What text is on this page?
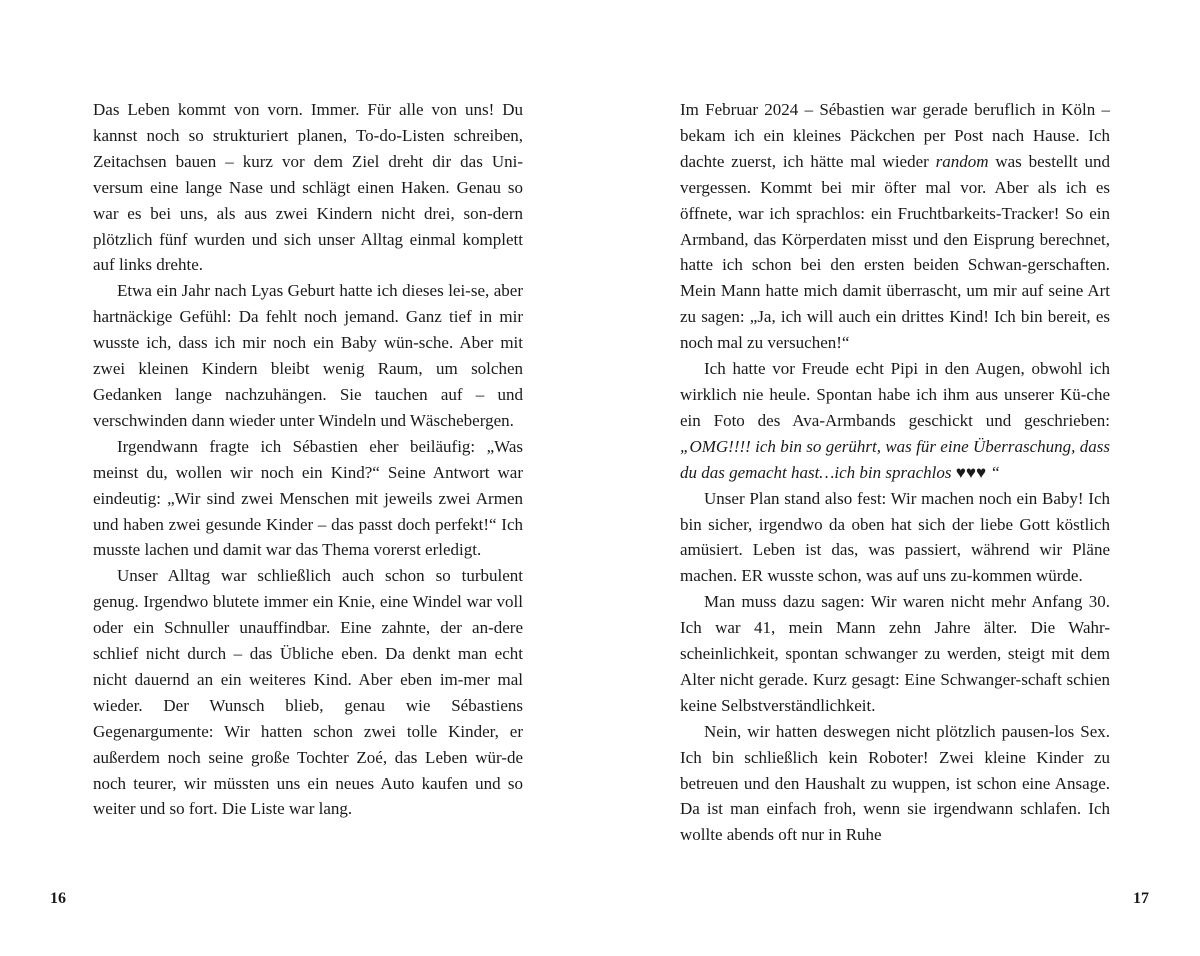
Das Leben kommt von vorn. Immer. Für alle von uns! Du kannst noch so strukturiert planen, To-do-Listen schreiben, Zeitachsen bauen – kurz vor dem Ziel dreht dir das Uni-versum eine lange Nase und schlägt einen Haken. Genau so war es bei uns, als aus zwei Kindern nicht drei, son-dern plötzlich fünf wurden und sich unser Alltag einmal komplett auf links drehte.

Etwa ein Jahr nach Lyas Geburt hatte ich dieses lei-se, aber hartnäckige Gefühl: Da fehlt noch jemand. Ganz tief in mir wusste ich, dass ich mir noch ein Baby wün-sche. Aber mit zwei kleinen Kindern bleibt wenig Raum, um solchen Gedanken lange nachzuhängen. Sie tauchen auf – und verschwinden dann wieder unter Windeln und Wäschebergen.

Irgendwann fragte ich Sébastien eher beiläufig: „Was meinst du, wollen wir noch ein Kind?“ Seine Antwort war eindeutig: „Wir sind zwei Menschen mit jeweils zwei Armen und haben zwei gesunde Kinder – das passt doch perfekt!“ Ich musste lachen und damit war das Thema vorerst erledigt.

Unser Alltag war schließlich auch schon so turbulent genug. Irgendwo blutete immer ein Knie, eine Windel war voll oder ein Schnuller unauffindbar. Eine zahnte, der an-dere schlief nicht durch – das Übliche eben. Da denkt man echt nicht dauernd an ein weiteres Kind. Aber eben im-mer mal wieder. Der Wunsch blieb, genau wie Sébastiens Gegenargumente: Wir hatten schon zwei tolle Kinder, er außerdem noch seine große Tochter Zoé, das Leben wür-de noch teurer, wir müssten uns ein neues Auto kaufen und so weiter und so fort. Die Liste war lang.

16

Im Februar 2024 – Sébastien war gerade beruflich in Köln – bekam ich ein kleines Päckchen per Post nach Hause. Ich dachte zuerst, ich hätte mal wieder random was bestellt und vergessen. Kommt bei mir öfter mal vor. Aber als ich es öffnete, war ich sprachlos: ein Fruchtbarkeits-Tracker! So ein Armband, das Körperdaten misst und den Eisprung berechnet, hatte ich schon bei den ersten beiden Schwan-gerschaften. Mein Mann hatte mich damit überrascht, um mir auf seine Art zu sagen: „Ja, ich will auch ein drittes Kind! Ich bin bereit, es noch mal zu versuchen!“

Ich hatte vor Freude echt Pipi in den Augen, obwohl ich wirklich nie heule. Spontan habe ich ihm aus unserer Kü-che ein Foto des Ava-Armbands geschickt und geschrieben: „OMG!!!! ich bin so gerührt, was für eine Überraschung, dass du das gemacht hast…ich bin sprachlos ♥♥♥ “

Unser Plan stand also fest: Wir machen noch ein Baby! Ich bin sicher, irgendwo da oben hat sich der liebe Gott köstlich amüsiert. Leben ist das, was passiert, während wir Pläne machen. ER wusste schon, was auf uns zu-kommen würde.

Man muss dazu sagen: Wir waren nicht mehr Anfang 30. Ich war 41, mein Mann zehn Jahre älter. Die Wahr-scheinlichkeit, spontan schwanger zu werden, steigt mit dem Alter nicht gerade. Kurz gesagt: Eine Schwanger-schaft schien keine Selbstverständlichkeit.

Nein, wir hatten deswegen nicht plötzlich pausen-los Sex. Ich bin schließlich kein Roboter! Zwei kleine Kinder zu betreuen und den Haushalt zu wuppen, ist schon eine Ansage. Da ist man einfach froh, wenn sie irgendwann schlafen. Ich wollte abends oft nur in Ruhe

17
